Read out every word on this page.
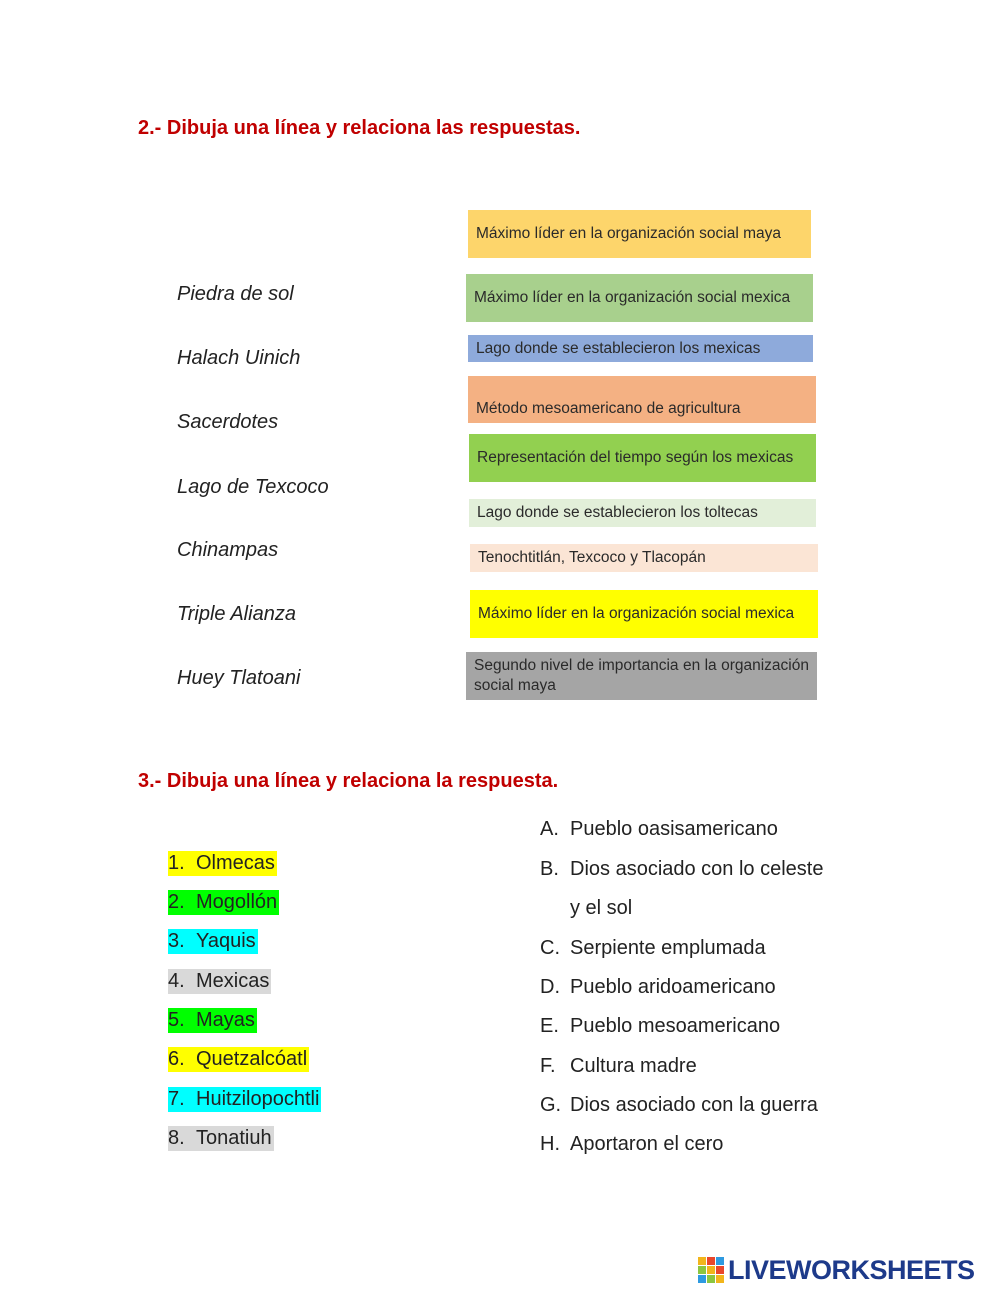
2.- Dibuja una línea y relaciona las respuestas.
Piedra de sol
Halach Uinich
Sacerdotes
Lago de Texcoco
Chinampas
Triple Alianza
Huey Tlatoani
Máximo líder en la organización social maya
Máximo líder en la organización social mexica
Lago donde se establecieron los mexicas
Método mesoamericano de agricultura
Representación del tiempo según los mexicas
Lago donde se establecieron los toltecas
Tenochtitlán, Texcoco y Tlacopán
Máximo líder en la organización social mexica
Segundo nivel de importancia en la organización social maya
3.- Dibuja una línea y relaciona la respuesta.
1. Olmecas
2. Mogollón
3. Yaquis
4. Mexicas
5. Mayas
6. Quetzalcóatl
7. Huitzilopochtli
8. Tonatiuh
A. Pueblo oasisamericano
B. Dios asociado con lo celeste
y el sol
C. Serpiente emplumada
D. Pueblo aridoamericano
E. Pueblo mesoamericano
F. Cultura madre
G. Dios asociado con la guerra
H. Aportaron el cero
LIVEWORKSHEETS
